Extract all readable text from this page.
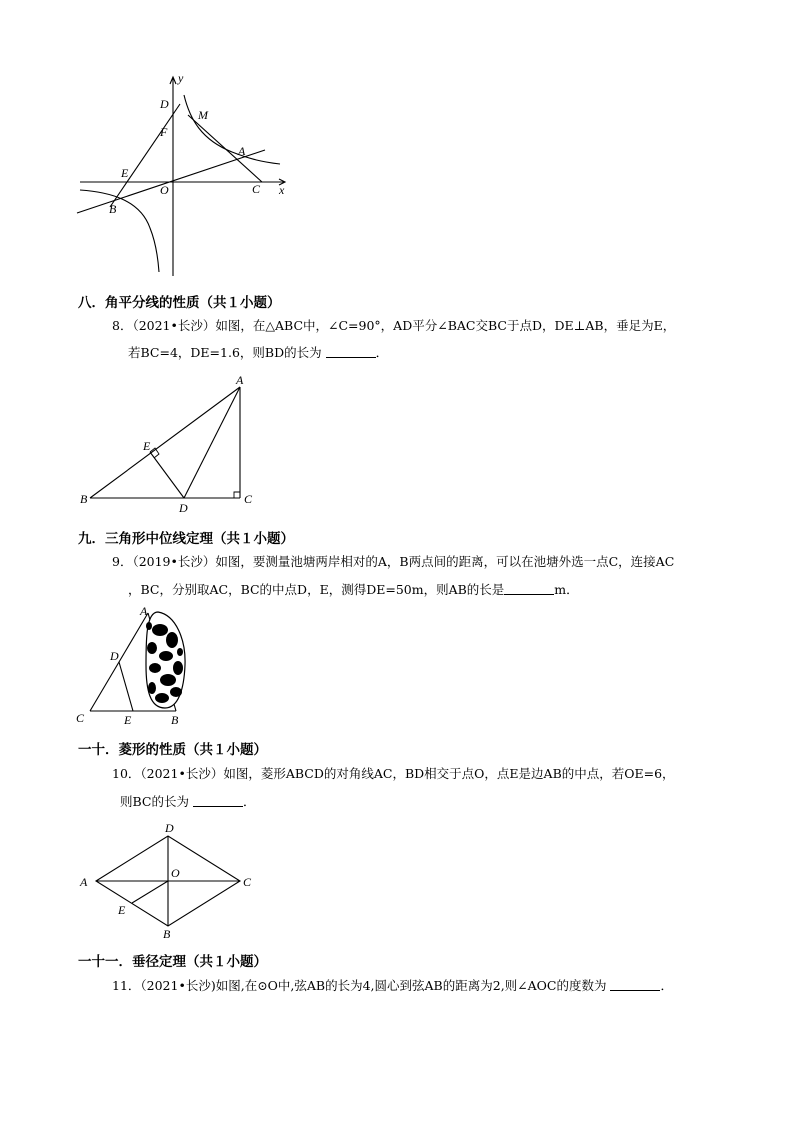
y
D
M
F
A
E
O	C x
B
八．角平分线的性质（共１小题）
8．（2021•长沙）如图，在△ABC中，∠C=90°，AD平分∠BAC交BC于点D，DE⊥AB，垂足为E，
若BC=4，DE=1.6，则BD的长为	．
A
E
B
D
C
九．三角形中位线定理（共１小题）
9．（2019•长沙）如图，要测量池塘两岸相对的A，B两点间的距离，可以在池塘外选一点C，连接AC
，BC，分别取AC，BC的中点D，E，测得DE=50m，则AB的长是	m．
A
D
C	E	B
一十．菱形的性质（共１小题）
10．（2021•长沙）如图，菱形ABCD的对角线AC，BD相交于点O，点E是边AB的中点，若OE=6，
则BC的长为	．
D
A
O
C
E
B
一十一．垂径定理（共１小题）
11．（2021•长沙)如图,在⊙O中,弦AB的长为4,圆心到弦AB的距离为2,则∠AOC的度数为	．
